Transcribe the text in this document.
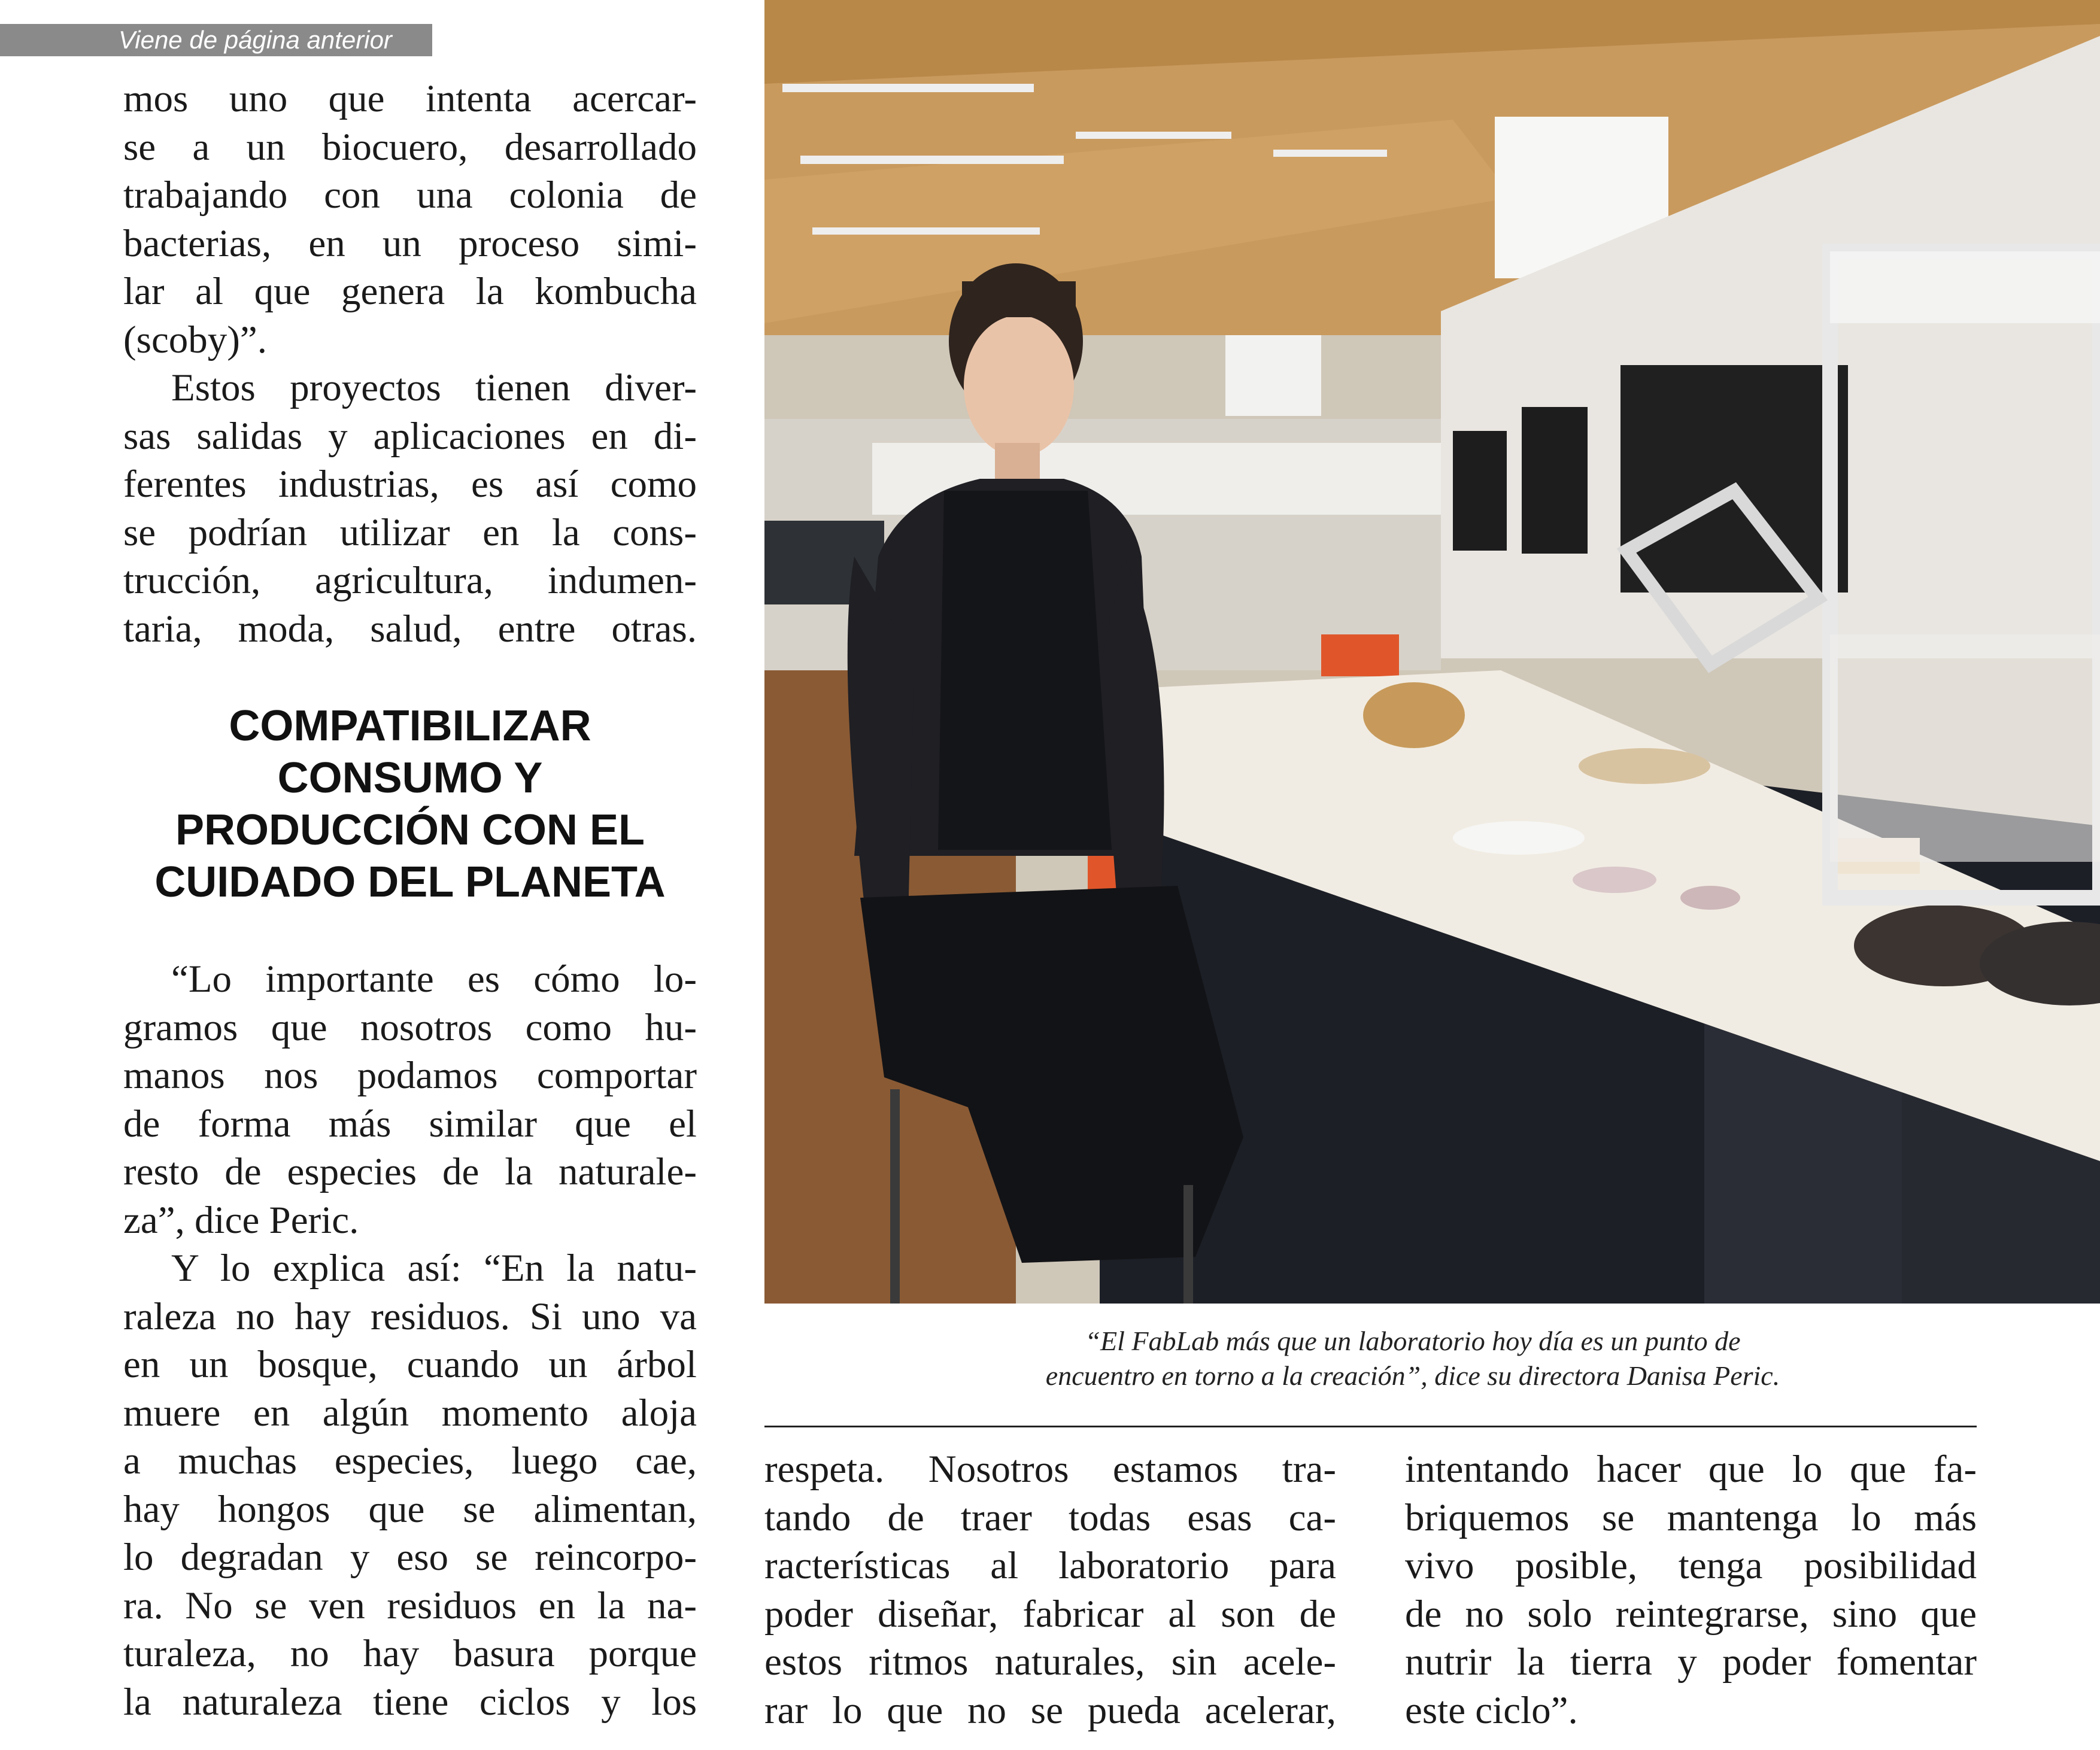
Viene de página anterior

mos uno que intenta acercar-

se a un biocuero, desarrollado

trabajando con una colonia de

bacterias, en un proceso simi-

lar al que genera la kombucha

(scoby)”.

Estos proyectos tienen diver-

sas salidas y aplicaciones en di-

ferentes industrias, es así como

se podrían utilizar en la cons-

trucción, agricultura, indumen-

taria, moda, salud, entre otras.

COMPATIBILIZAR
CONSUMO Y
PRODUCCIÓN CON EL
CUIDADO DEL PLANETA

“Lo importante es cómo lo-

gramos que nosotros como hu-

manos nos podamos comportar

de forma más similar que el

resto de especies de la naturale-

za”, dice Peric.

Y lo explica así: “En la natu-

raleza no hay residuos. Si uno va

en un bosque, cuando un árbol

muere en algún momento aloja

a muchas especies, luego cae,

hay hongos que se alimentan,

lo degradan y eso se reincorpo-

ra. No se ven residuos en la na-

turaleza, no hay basura porque

la naturaleza tiene ciclos y los

“El FabLab más que un laboratorio hoy día es un punto de
encuentro en torno a la creación”, dice su directora Danisa Peric.

respeta. Nosotros estamos tra-

tando de traer todas esas ca-

racterísticas al laboratorio para

poder diseñar, fabricar al son de

estos ritmos naturales, sin acele-

rar lo que no se pueda acelerar,

intentando hacer que lo que fa-

briquemos se mantenga lo más

vivo posible, tenga posibilidad

de no solo reintegrarse, sino que

nutrir la tierra y poder fomentar

este ciclo”.
